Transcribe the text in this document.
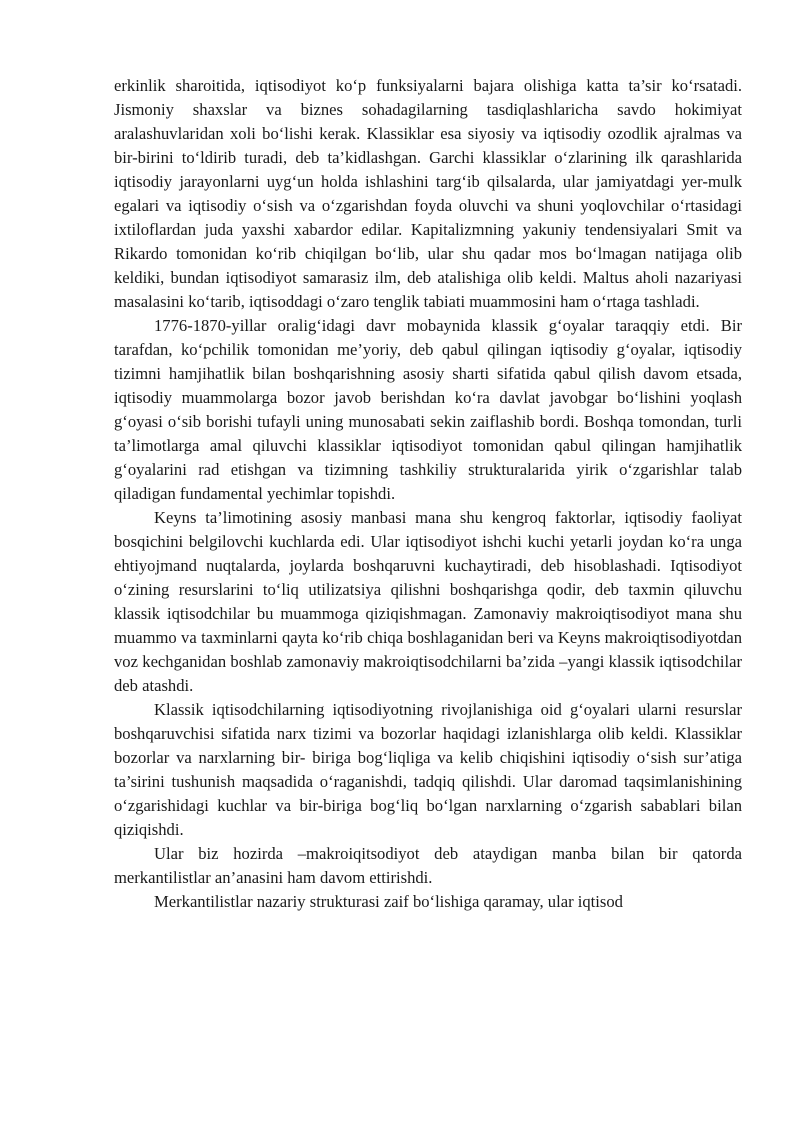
erkinlik sharoitida, iqtisodiyot ko‘p funksiyalarni bajara olishiga katta ta’sir ko‘rsatadi. Jismoniy shaxslar va biznes sohadagilarning tasdiqlashlaricha savdo hokimiyat aralashuvlaridan xoli bo‘lishi kerak. Klassiklar esa siyosiy va iqtisodiy ozodlik ajralmas va bir-birini to‘ldirib turadi, deb ta’kidlashgan. Garchi klassiklar o‘zlarining ilk qarashlarida iqtisodiy jarayonlarni uyg‘un holda ishlashini targ‘ib qilsalarda, ular jamiyatdagi yer-mulk egalari va iqtisodiy o‘sish va o‘zgarishdan foyda oluvchi va shuni yoqlovchilar o‘rtasidagi ixtiloflardan juda yaxshi xabardor edilar. Kapitalizmning yakuniy tendensiyalari Smit va Rikardo tomonidan ko‘rib chiqilgan bo‘lib, ular shu qadar mos bo‘lmagan natijaga olib keldiki, bundan iqtisodiyot samarasiz ilm, deb atalishiga olib keldi. Maltus aholi nazariyasi masalasini ko‘tarib, iqtisoddagi o‘zaro tenglik tabiati muammosini ham o‘rtaga tashladi.

1776-1870-yillar oralig‘idagi davr mobaynida klassik g‘oyalar taraqqiy etdi. Bir tarafdan, ko‘pchilik tomonidan me’yoriy, deb qabul qilingan iqtisodiy g‘oyalar, iqtisodiy tizimni hamjihatlik bilan boshqarishning asosiy sharti sifatida qabul qilish davom etsada, iqtisodiy muammolarga bozor javob berishdan ko‘ra davlat javobgar bo‘lishini yoqlash g‘oyasi o‘sib borishi tufayli uning munosabati sekin zaiflashib bordi. Boshqa tomondan, turli ta’limotlarga amal qiluvchi klassiklar iqtisodiyot tomonidan qabul qilingan hamjihatlik g‘oyalarini rad etishgan va tizimning tashkiliy strukturalarida yirik o‘zgarishlar talab qiladigan fundamental yechimlar topishdi.

Keyns ta’limotining asosiy manbasi mana shu kengroq faktorlar, iqtisodiy faoliyat bosqichini belgilovchi kuchlarda edi. Ular iqtisodiyot ishchi kuchi yetarli joydan ko‘ra unga ehtiyojmand nuqtalarda, joylarda boshqaruvni kuchaytiradi, deb hisoblashadi. Iqtisodiyot o‘zining resurslarini to‘liq utilizatsiya qilishni boshqarishga qodir, deb taxmin qiluvchu klassik iqtisodchilar bu muammoga qiziqishmagan. Zamonaviy makroiqtisodiyot mana shu muammo va taxminlarni qayta ko‘rib chiqa boshlaganidan beri va Keyns makroiqtisodiyotdan voz kechganidan boshlab zamonaviy makroiqtisodchilarni ba’zida –yangi klassik iqtisodchilar deb atashdi.

Klassik iqtisodchilarning iqtisodiyotning rivojlanishiga oid g‘oyalari ularni resurslar boshqaruvchisi sifatida narx tizimi va bozorlar haqidagi izlanishlarga olib keldi. Klassiklar bozorlar va narxlarning bir- biriga bog‘liqliga va kelib chiqishini iqtisodiy o‘sish sur’atiga ta’sirini tushunish maqsadida o‘raganishdi, tadqiq qilishdi. Ular daromad taqsimlanishining o‘zgarishidagi kuchlar va bir-biriga bog‘liq bo‘lgan narxlarning o‘zgarish sabablari bilan qiziqishdi.

Ular biz hozirda –makroiqitsodiyot deb ataydigan manba bilan bir qatorda merkantilistlar an’anasini ham davom ettirishdi.

Merkantilistlar nazariy strukturasi zaif bo‘lishiga qaramay, ular iqtisod
